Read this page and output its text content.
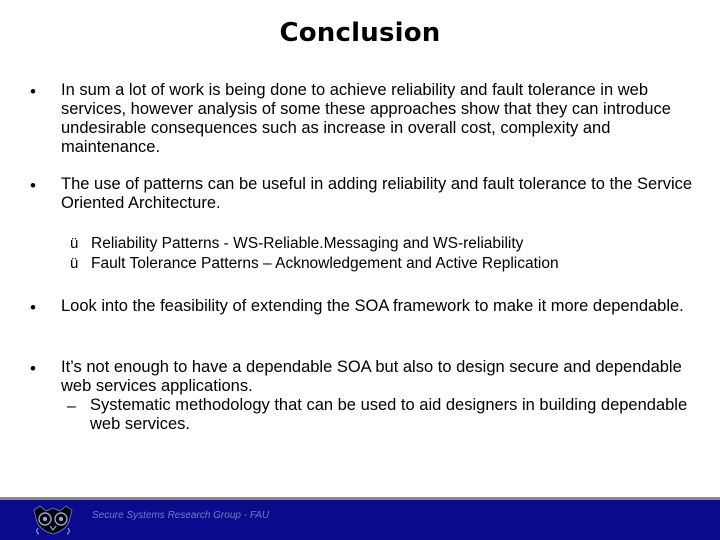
Conclusion
• In sum a lot of work is being done to achieve reliability and fault tolerance in web services, however analysis of some these approaches show that they can introduce undesirable consequences such as increase in overall cost, complexity and maintenance.
• The use of patterns can be useful in adding reliability and fault tolerance to the Service Oriented Architecture.
ü Reliability Patterns - WS-Reliable.Messaging and WS-reliability
ü Fault Tolerance Patterns – Acknowledgement and Active Replication
• Look into the feasibility of extending the SOA framework to make it more dependable.
• It’s not enough to have a dependable SOA but also to design secure and dependable web services applications.
– Systematic methodology that can be used to aid designers in building dependable web services.
Secure Systems Research Group - FAU
